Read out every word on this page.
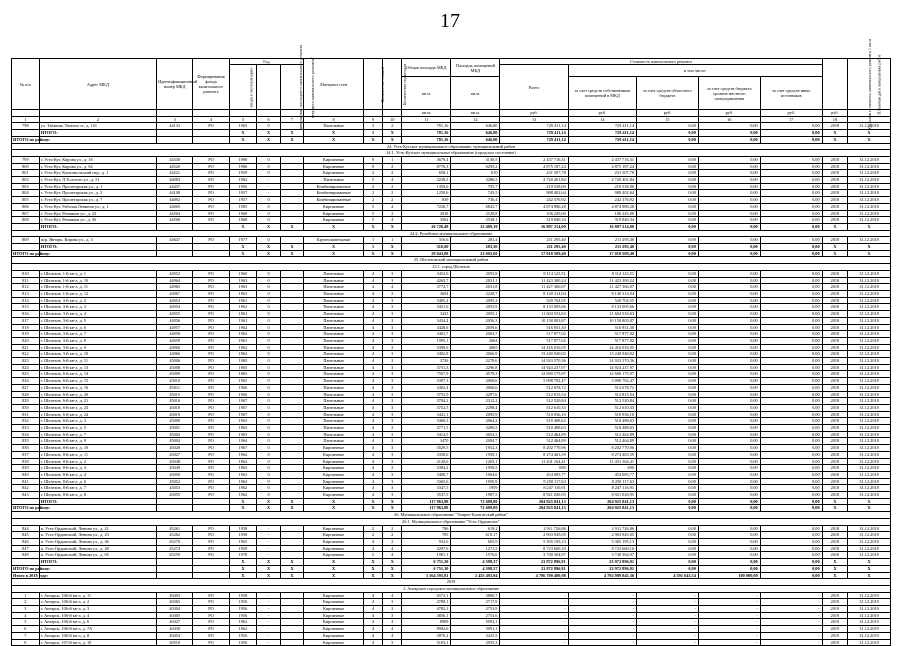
17
№ п/п	Адрес МКД	Идентификационный номер МКД	Формирования фонда капитального ремонта	Год			Материал стен	Количество этажей	Количество подъездов	Общая площадь МКД	Площадь помещений МКД	Стоимость капитального ремонта					Удельная стоимость капитального ремонта 1 кв.м	Плановая дата завершения работ
				ввода в эксплуатацию	завершения последнего капитального ремонта	текущего капитального ремонта*						Всего	в том числе:					
										кв.м.	кв.м.		за счет средств собственников помещений в МКД	за счет средств областного бюджета	за счет средств бюджета органов местного самоуправления	за счет средств иных источников		
										кв.м.	кв.м.	руб.	руб.	руб.	руб.	руб.	руб.	
1	2	3	4	5	6	7	8	9	10	11	12	13	14	15	16	17	18	
798	ул. Таёжная, Тимона ст., д. 101	44133	РО	1965	0		Панельные	2	2	781,16	646,80	729 411,14	729 411,14	0,00	0,00	0,00	2018	31.12.2018
	ИТОГО:			X	X	X	X	1	X	781,16	646,80	729 411,14	729 411,14	0,00	0,00	0,00	X	X
ИТОГО по району:				X	X	X	X	X	X	781,16	646,80	729 411,14	729 411,14	0,00	0,00	0,00	X	X
24. Усть-Кутское муниципальное образование, муниципальный район																		
24.1. Усть-Кутское муниципальное образование (городское поселение)																		
799	г. Усть-Кут, Кирова ул., д. 16	44330	РО	1990	0		Кирпичные	9	1	3679,4	3130,5	2 437 716,31	2 437 716,31	0,00	0,00	0,00	2018	31.12.2018
800	г. Усть-Кут, Кирова ул., д. 82	44520	РО	1986	0		Кирпичные	9	2	8776,3	6295,2	4 875 187,24	4 875 187,24	0,00	0,00	0,00	2018	31.12.2018
801	г. Усть-Кут, Комсомольский пер., д. 1	44221	РО	1959	0		Кирпичные	2	2	658,1	610	231 507,78	231 507,78	0,00	0,00	0,00	2018	31.12.2018
802	г. Усть-Кут, Л.Толстого ул., д. 51	44083	РО	1982	-		Панельные	5	4	3238,5	3286,5	2 720 401,84	2 720 401,84	0,00	0,00	0,00	2018	31.12.2018
803	г. Усть-Кут, Пролетарская ул., д. 1	44437	РО	1956	-		Комбинированные	2	2	1359,6	795,7	210 538,00	210 538,00	0,00	0,00	0,00	2018	31.12.2018
804	г. Усть-Кут, Пролетарская ул., д. 5	44108	РО	1957	-		Комбинированные	2	2	1250,6	743,5	988 402,64	988 402,64	0,00	0,00	0,00	2018	31.12.2018
805	г. Усть-Кут, Пролетарская ул., д. 7	44092	РО	1957	0		Комбинированные	2	2	839	736,4	242 376,92	242 376,92	0,00	0,00	0,00	2018	31.12.2018
806	г. Усть-Кут, Рабочая Ленинов ул., д. 1	44065	РО	1985	0		Кирпичные	5	4	7226,7	6843,7	4 874 986,28	4 874 986,28	0,00	0,00	0,00	2018	31.12.2018
807	г. Усть-Кут, Речников ул., д. 22	44504	РО	1968	0		Кирпичные	5	2	2818	2528,8	106 245,00	106 245,00	0,00	0,00	0,00	2018	31.12.2018
808	г. Усть-Кут, Речников ул., д. 36	44506	РО	1968	0		Кирпичные	5	4	3562	2538,1	319 840,34	319 840,34	0,00	0,00	0,00	2018	31.12.2018
	ИТОГО:			X	X	X	X	X	X	26 726,48	22 409,10	16 807 214,00	16 807 214,00	0,00	0,00	0,00	X	X
24.2. Ручейское муниципальное образование																		
809	ж/р. Янтарь, Кирова ул., д. 3	44647	РО	1977	0		Крупнопанельные	1	1	316,6	283,4	211 295,40	211 295,40	0,00	0,00	0,00	2018	31.12.2018
	ИТОГО:			X	X	X	X	1	X	316,60	283,50	211 295,40	211 295,40	0,00	0,00	0,00	X	X
ИТОГО по району:				X	X	X	X	X	X	29 043,08	22 692,60	17 018 509,40	17 018 509,40	0,00	0,00	0,00	X	X
25. Шелеховский муниципальный район																		
25.1. город Шелехов																		
810	г. Шелехов, 1-й кв-л, д. 1	44952	РО	1960	0		Панельные	4	3	3452,6	2055,8	8 114 123,51	8 114 123,51	0,00	0,00	0,00	2018	31.12.2018
811	г. Шелехов, 1-й кв-л, д. 10	44964	РО	1963	0		Панельные	4	3	4263,7	2831,1	11 423 300,24	11 423 300,24	0,00	0,00	0,00	2018	31.12.2018
812	г. Шелехов, 1-й кв-л, д. 11	44965	РО	1963	0		Панельные	4	4	3772,7	2031,8	11 427 366,07	11 427 366,07	0,00	0,00	0,00	2018	31.12.2018
813	г. Шелехов, 1-й кв-л, д. 12	44967	РО	1963	0		Панельные	4	3	3694	2228,7	8 140 314,04	8 140 314,04	0,00	0,00	0,00	2018	31.12.2018
814	г. Шелехов, 3-й кв-л, д. 2	44953	РО	1961	0		Панельные	4	3	3405,2	2095,3	520 704,55	520 704,55	0,00	0,00	0,00	2018	31.12.2018
815	г. Шелехов, 3-й кв-л, д. 3	44954	РО	1962	0		Панельные	4	3	3431,6	2055,9	8 133 005,66	8 133 005,66	0,00	0,00	0,00	2018	31.12.2018
816	г. Шелехов, 3-й кв-л, д. 4	44955	РО	1961	0		Панельные	4	3	3423	2055,1	11 604 533,63	11 604 533,63	0,00	0,00	0,00	2018	31.12.2018
817	г. Шелехов, 3-й кв-л, д. 5	44956	РО	1961	0		Панельные	4	3	3434,4	2056,3	10 158 803,87	10 158 803,87	0,00	0,00	0,00	2018	31.12.2018
818	г. Шелехов, 3-й кв-л, д. 6	44957	РО	1962	0		Панельные	4	3	3428,6	2059,6	516 831,30	516 831,30	0,00	0,00	0,00	2018	31.12.2018
819	г. Шелехов, 3-й кв-л, д. 7	44958	РО	1962	0		Панельные	4	3	3401,7	2063,7	517 877,02	517 877,02	0,00	0,00	0,00	2018	31.12.2018
820	г. Шелехов, 3-й кв-л, д. 8	44959	РО	1961	0		Панельные	4	3	1995,1	2064	517 877,02	517 877,02	0,00	0,00	0,00	2018	31.12.2018
821	г. Шелехов, 3-й кв-л, д. 9	44960	РО	1962	0		Панельные	4	3	3399,6	2065	14 416 016,95	14 416 016,95	0,00	0,00	0,00	2018	31.12.2018
822	г. Шелехов, 3-й кв-л, д. 10	44966	РО	1962	0		Панельные	4	3	3402,8	2066,9	13 240 940,02	13 240 940,02	0,00	0,00	0,00	2018	31.12.2018
823	г. Шелехов, 6-й кв-л, д. 11	45006	РО	1965	0		Панельные	4	3	3726	2278,6	14 923 570,36	14 923 570,36	0,00	0,00	0,00	2018	31.12.2018
824	г. Шелехов, 6-й кв-л, д. 13	45008	РО	1965	0		Панельные	4	3	3751,3	2296,8	14 924 237,97	14 924 237,97	0,00	0,00	0,00	2018	31.12.2018
825	г. Шелехов, 6-й кв-л, д. 14	45009	РО	1965	0		Панельные	4	3	7567,9	4579,3	12 690 175,97	12 690 175,97	0,00	0,00	0,00	2018	31.12.2018
826	г. Шелехов, 6-й кв-л, д. 15	45010	РО	1965	0		Панельные	4	3	3397,3	2060,6	5 098 702,47	5 098 702,47	0,00	0,00	0,00	2018	31.12.2018
827	г. Шелехов, 6-й кв-л, д. 16	45011	РО	1966	0		Панельные	4	3	3402,4	2066,6	512 678,72	512 678,72	0,00	0,00	0,00	2018	31.12.2018
828	г. Шелехов, 6-й кв-л, д. 20	45015	РО	1966	0		Панельные	4	3	3755,9	2297,6	512 815,54	512 815,54	0,00	0,00	0,00	2018	31.12.2018
829	г. Шелехов, 6-й кв-л, д. 21	45016	РО	1967	0		Панельные	4	3	3784,2	2312,2	512 520,84	512 520,84	0,00	0,00	0,00	2018	31.12.2018
830	г. Шелехов, 6-й кв-л, д. 23	45018	РО	1967	0		Панельные	4	3	3752,5	2298,4	512 610,33	512 610,33	0,00	0,00	0,00	2018	31.12.2018
831	г. Шелехов, 6-й кв-л, д. 24	45019	РО	1967	0		Панельные	4	3	3441,1	2095,9	510 936,10	510 936,10	0,00	0,00	0,00	2018	31.12.2018
832	г. Шелехов, 6-й кв-л, д. 3	45000	РО	1963	0		Панельные	4	3	3460,3	2064,2	510 488,63	510 488,63	0,00	0,00	0,00	2018	31.12.2018
833	г. Шелехов, 6-й кв-л, д. 5	45001	РО	1963	0		Панельные	4	3	3771,5	2280,5	510 488,63	510 488,63	0,00	0,00	0,00	2018	31.12.2018
834	г. Шелехов, 6-й кв-л, д. 7	45002	РО	1963	0		Панельные	4	3	3414,5	2054,5	512 464,89	512 464,89	0,00	0,00	0,00	2018	31.12.2018
835	г. Шелехов, 6-й кв-л, д. 9	45004	РО	1964	0		Панельные	4	3	3470	2084,7	512 464,89	512 464,89	0,00	0,00	0,00	2018	31.12.2018
836	г. Шелехов, 8-й кв-л, д. 10	45026	РО	1967	0		Кирпичные	4	3	3529,5	1952,3	8 202 770,96	8 202 770,96	0,00	0,00	0,00	2018	31.12.2018
837	г. Шелехов, 8-й кв-л, д. 11	45027	РО	1962	0		Кирпичные	4	3	3358,6	1959,1	8 274 463,59	8 274 463,59	0,00	0,00	0,00	2018	31.12.2018
838	г. Шелехов, 8-й кв-л, д. 2	45048	РО	1962	0		Кирпичные	4	3	2128,6	1263,1	11 431 164,41	11 431 164,41	0,00	0,00	0,00	2018	31.12.2018
839	г. Шелехов, 8-й кв-л, д. 3	45049	РО	1963	0		Кирпичные	4	3	3384,2	1958,5	690	690	0,00	0,00	0,00	2018	31.12.2018
840	г. Шелехов, 8-й кв-л, д. 4	45050	РО	1963	0		Кирпичные	4	3	3408,7	1964,6	454 085,77	454 085,77	0,00	0,00	0,00	2018	31.12.2018
841	г. Шелехов, 8-й кв-л, д. 6	45052	РО	1962	0		Кирпичные	4	3	3365,6	1950,9	8 250 117,63	8 250 117,63	0,00	0,00	0,00	2018	31.12.2018
842	г. Шелехов, 8-й кв-л, д. 7	45053	РО	1962	0		Кирпичные	4	3	3347,5	1959	8 247 116,91	8 247 116,91	0,00	0,00	0,00	2018	31.12.2018
843	г. Шелехов, 8-й кв-л, д. 8	45055	РО	1962	0		Кирпичные	4	3	3537,5	1987,5	8 921 026,95	8 921 026,95	0,00	0,00	0,00	2018	31.12.2018
	ИТОГО:			X	X	X	X	X	X	117 963,88	72 609,80	204 925 841,13	204 925 841,13	0,00	0,00	0,00	X	X
ИТОГО по району:				X	X	X	X	X	X	117 963,88	72 609,80	204 925 841,13	204 925 841,13	0,00	0,00	0,00	X	X
26. Муниципальное образование "Эхирит-Булагатский район"																		
26.1. Муниципальное образование "Усть-Ордынское"																		
844	п. Усть-Ордынский, Ленина ул., д. 21	45261	РО	1958	-		Кирпичные	2	2	786	619,2	2 911 726,86	2 911 726,86	0,00	0,00	0,00	2018	31.12.2018
845	п. Усть-Ордынский, Ленина ул., д. 23	45262	РО	1958	-		Кирпичные	2	2	785	618,17	2 903 945,05	2 903 945,05	0,00	0,00	0,00	2018	31.12.2018
846	п. Усть-Ордынский, Ленина ул., д. 46	45270	РО	1965	-		Кирпичные	4	2	932,6	605,9	5 305 195,13	5 305 195,13	0,00	0,00	0,00	2018	31.12.2018
847	п. Усть-Ордынский, Ленина ул., д. 48	45274	РО	1959	-		Кирпичные	4	4	2297,6	1271,5	8 723 660,10	8 723 660,10	0,00	0,00	0,00	2018	31.12.2018
848	п. Усть-Ордынский, Ленина ул., д. 65	45259	РО	1978	-		Кирпичные	5	4	1981,1	1576,6	3 740 364,97	3 740 364,97	0,00	0,00	0,00	2018	31.12.2018
	ИТОГО:			X	X	X	X	X	X	6 751,30	4 598,37	23 972 896,91	23 972 896,91	0,00	0,00	0,00	X	X
ИТОГО по району:				X	X	X	X	X	X	6 751,30	4 598,37	23 972 896,91	23 972 896,91	0,00	0,00	0,00	X	X
Итого в 2018 году:				X	X	X	X	X	X	3 564 595,81	2 455 493,94	4 796 700 400,98	4 792 989 845,36	4 591 643,54	100 000,00	0,00	X	X
2019																		
1. Ангарское городское муниципальное образование																		
1	г. Ангарск, 106-й кв-л, д. 11	40493	РО	1958	-		Кирпичные	4	4	6573,1	3800,7	-	-	-	-	-	2019	31.12.2019
2	г. Ангарск, 106-й кв-л, д. 2	40365	РО	1956	-		Кирпичные	4	3	4788,1	2717,9	-	-	-	-	-	2019	31.12.2019
3	г. Ангарск, 106-й кв-л, д. 3	40394	РО	1956	-		Кирпичные	4	3	4782,1	2753,9	-	-	-	-	-	2019	31.12.2019
4	г. Ангарск, 106-й кв-л, д. 4	40405	РО	1956	-		Кирпичные	4	3	4856,1	2753,6	-	-	-	-	-	2019	31.12.2019
5	г. Ангарск, 106-й кв-л, д. 6	40427	РО	1962	-		Кирпичные	4	4	8909	5092,1	-	-	-	-	-	2019	31.12.2019
6	г. Ангарск, 106-й кв-л, д. 7А	40438	РО	1962	-		Кирпичные	4	4	8902,6	5091,1	-	-	-	-	-	2019	31.12.2019
7	г. Ангарск, 106-й кв-л, д. 8	40454	РО	1956	-		Кирпичные	4	4	5870,2	3425,5	-	-	-	-	-	2019	31.12.2019
8	г. Ангарск, 107-й кв-л, д. 10	40510	РО	1956	-		Кирпичные	4	3	5103,1	2955,3	-	-	-	-	-	2019	31.12.2019
